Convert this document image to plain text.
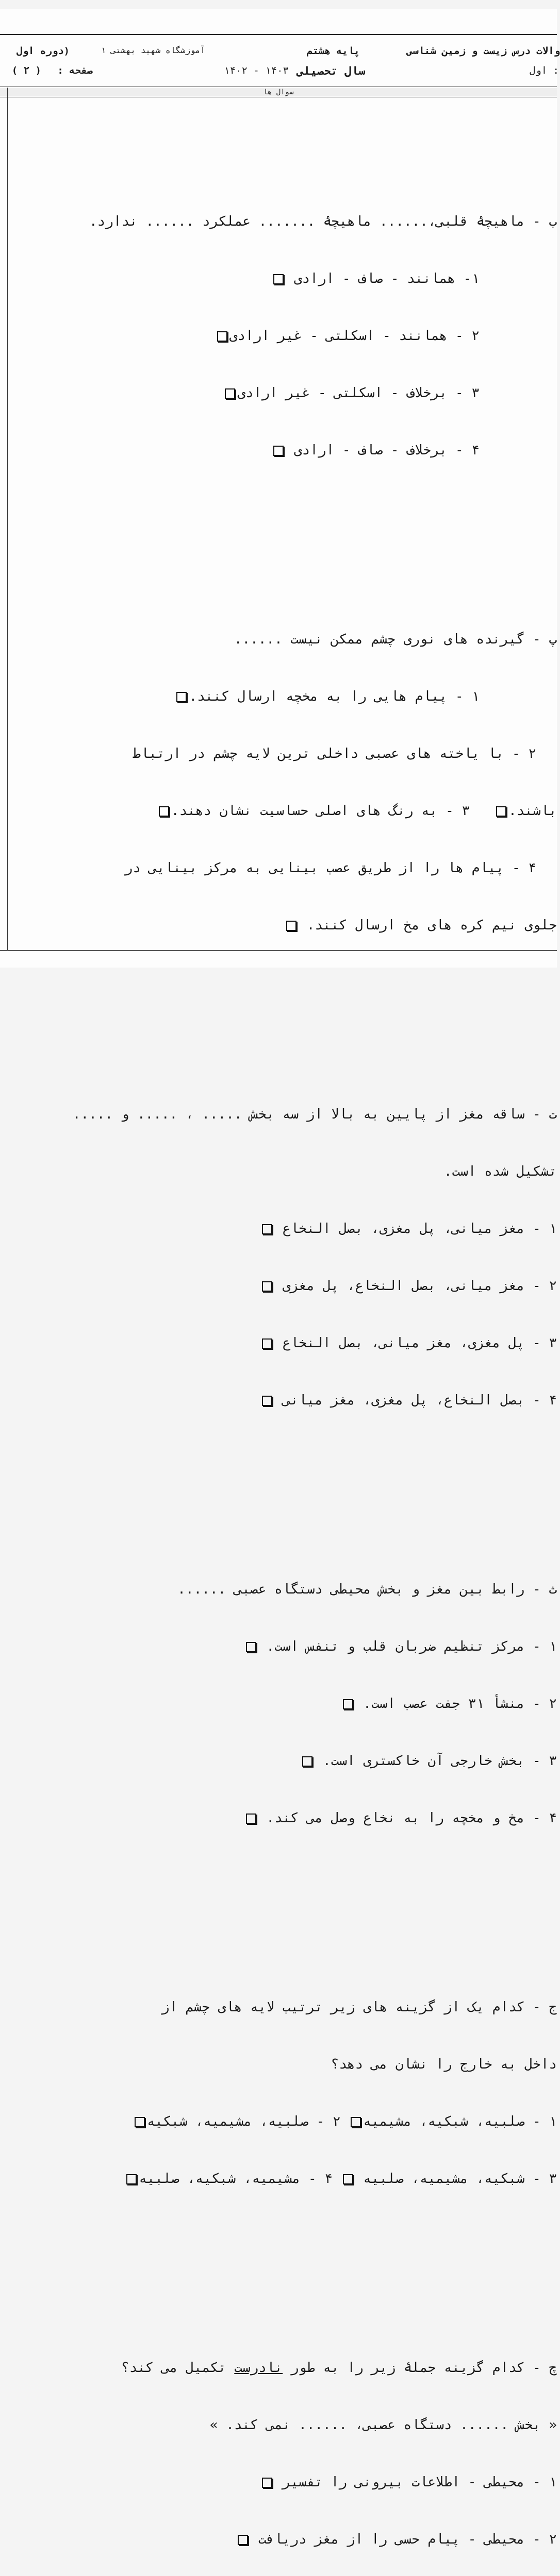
والات درس زیست و زمین شناسی
پایه هشتم
آموزشگاه شهید بهشتی ۱
(دوره اول
: اول
سال تحصیلی
۱۴۰۳ - ۱۴۰۲
صفحه :
( ۲ )
سوال ها

ب - ماهیچۀ قلبی،...... ماهیچۀ ....... عملکرد ...... ندارد.

۱- همانند - صاف - ارادی

۲ - همانند - اسکلتی - غیر ارادی

۳ - برخلاف - اسکلتی - غیر ارادی

۴ - برخلاف - صاف - ارادی

پ - گیرنده های نوری چشم ممکن نیست ......

۱ - پیام هایی را به مخچه ارسال کنند.

۲ - با یاخته های عصبی داخلی ترین لایه چشم در ارتباط

باشند.   ۳ - به رنگ های اصلی حساسیت نشان دهند.

۴ - پیام ها را از طریق عصب بینایی به مرکز بینایی در

جلوی نیم کره های مخ ارسال کنند.

ت - ساقه مغز از پایین به بالا از سه بخش ..... ، ..... و .....

تشکیل شده است.

۱ - مغز میانی، پل مغزی، بصل النخاع

۲ - مغز میانی، بصل النخاع، پل مغزی

۳ - پل مغزی، مغز میانی، بصل النخاع

۴ - بصل النخاع، پل مغزی، مغز میانی

ث - رابط بین مغز و بخش محیطی دستگاه عصبی ......

۱ - مرکز تنظیم ضربان قلب و تنفس است.

۲ - منشأ ۳۱ جفت عصب است.

۳ - بخش خارجی آن خاکستری است.

۴ - مخ و مخچه را به نخاع وصل می کند.

ج - کدام یک از گزینه های زیر ترتیب لایه های چشم از

داخل به خارج را نشان می دهد؟

۱ - صلبیه، شبکیه، مشیمیه ۲ - صلبیه، مشیمیه، شبکیه

۳ - شبکیه، مشیمیه، صلبیه  ۴ - مشیمیه، شبکیه، صلبیه

چ - کدام گزینه جملۀ زیر را به طور نادرست تکمیل می کند؟

« بخش ...... دستگاه عصبی، ...... نمی کند. »

۱ - محیطی - اطلاعات بیرونی را تفسیر

۲ - محیطی - پیام حسی را از مغز دریافت
